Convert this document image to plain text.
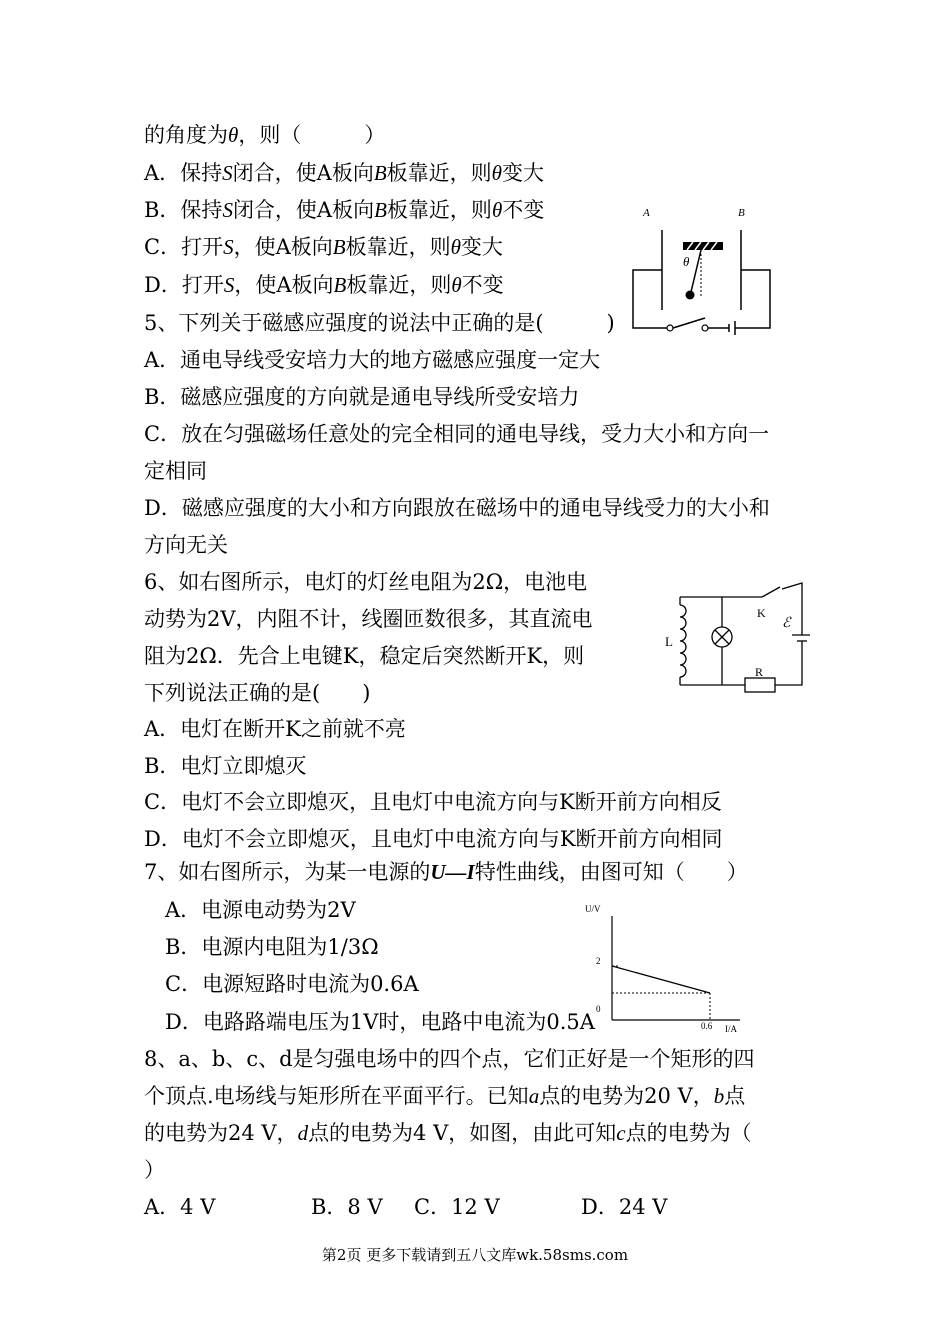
的角度为θ，则（　　　）
A．保持S闭合，使A板向B板靠近，则θ变大
B．保持S闭合，使A板向B板靠近，则θ不变
C．打开S，使A板向B板靠近，则θ变大
D．打开S，使A板向B板靠近，则θ不变
A	B
θ
5、下列关于磁感应强度的说法中正确的是(　　　)
A．通电导线受安培力大的地方磁感应强度一定大
B．磁感应强度的方向就是通电导线所受安培力
C．放在匀强磁场任意处的完全相同的通电导线，受力大小和方向一
定相同
D．磁感应强度的大小和方向跟放在磁场中的通电导线受力的大小和
方向无关
6、如右图所示，电灯的灯丝电阻为2Ω，电池电
动势为2V，内阻不计，线圈匝数很多，其直流电
阻为2Ω．先合上电键K，稳定后突然断开K，则
下列说法正确的是(　　)
A．电灯在断开K之前就不亮
B．电灯立即熄灭
C．电灯不会立即熄灭，且电灯中电流方向与K断开前方向相反
D．电灯不会立即熄灭，且电灯中电流方向与K断开前方向相同
L
K
ℰ
R
7、如右图所示，为某一电源的U—I特性曲线，由图可知（　　）
A．电源电动势为2V
B．电源内电阻为1/3Ω
C．电源短路时电流为0.6A
U/V
I/A
2
0
0.6
D．电路路端电压为1V时，电路中电流为0.5A
8、a、b、c、d是匀强电场中的四个点，它们正好是一个矩形的四
个顶点.电场线与矩形所在平面平行。已知a点的电势为20 V，b点
的电势为24 V，d点的电势为4 V，如图，由此可知c点的电势为（
）
A．4 V	B．8 V C．12 V	D．24 V
第2页 更多下载请到五八文库wk.58sms.com
